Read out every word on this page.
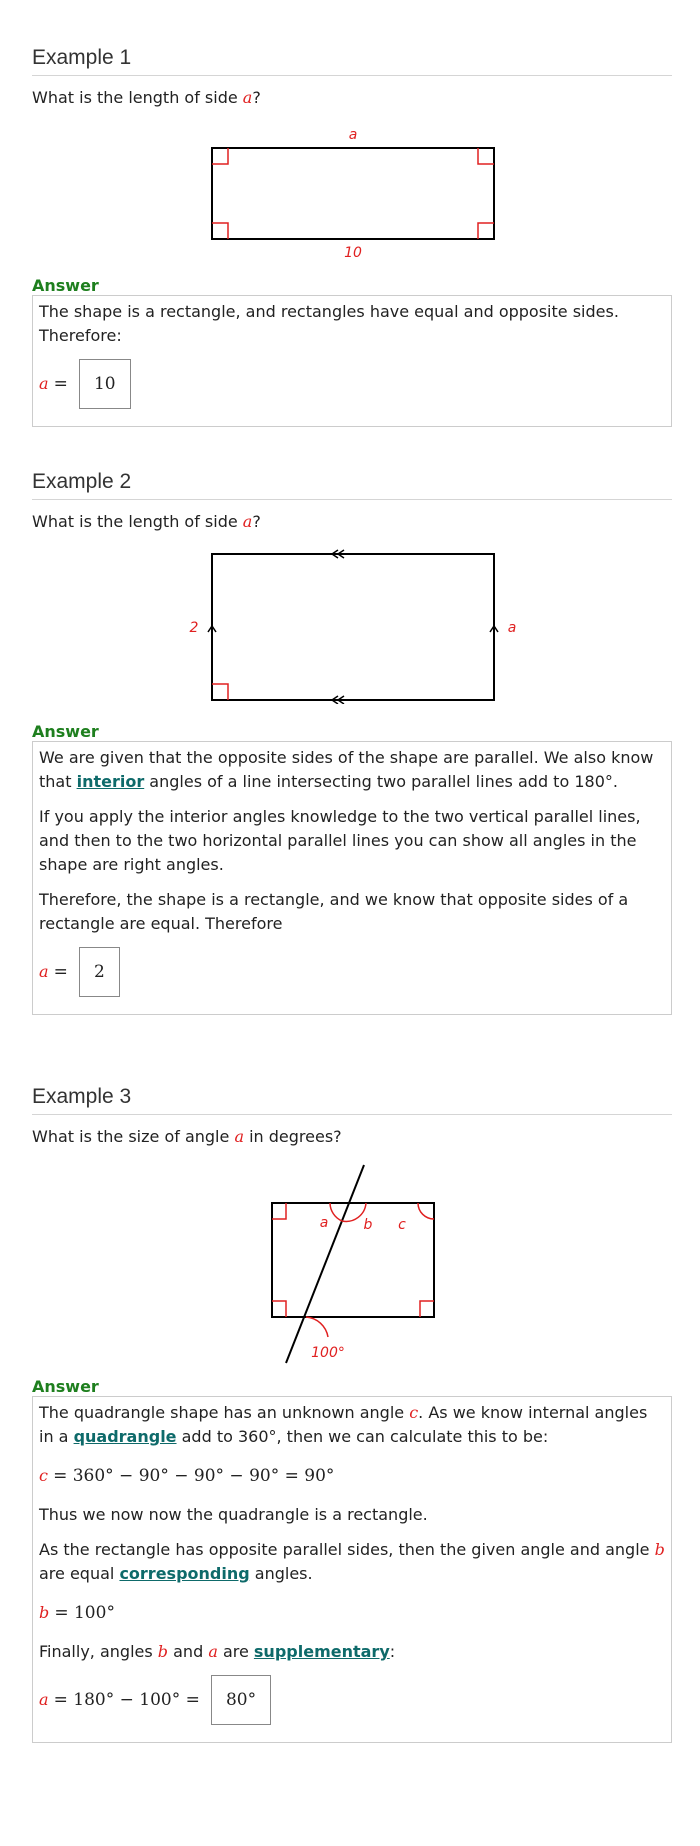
Example 1
What is the length of side a?
a
10
Answer

The shape is a rectangle, and rectangles have equal and opposite sides. Therefore:

a = 10
Example 2
What is the length of side a?
2	a
Answer

We are given that the opposite sides of the shape are parallel. We also know that interior angles of a line intersecting two parallel lines add to 180°.

If you apply the interior angles knowledge to the two vertical parallel lines, and then to the two horizontal parallel lines you can show all angles in the shape are right angles.

Therefore, the shape is a rectangle, and we know that opposite sides of a rectangle are equal. Therefore

a = 2
Example 3
What is the size of angle a in degrees?
a	b c
100°
Answer

The quadrangle shape has an unknown angle c. As we know internal angles in a quadrangle add to 360°, then we can calculate this to be:

c = 360° − 90° − 90° − 90° = 90°

Thus we now now the quadrangle is a rectangle.

As the rectangle has opposite parallel sides, then the given angle and angle b are equal corresponding angles.

b = 100°

Finally, angles b and a are supplementary:

a = 180° − 100° = 80°
